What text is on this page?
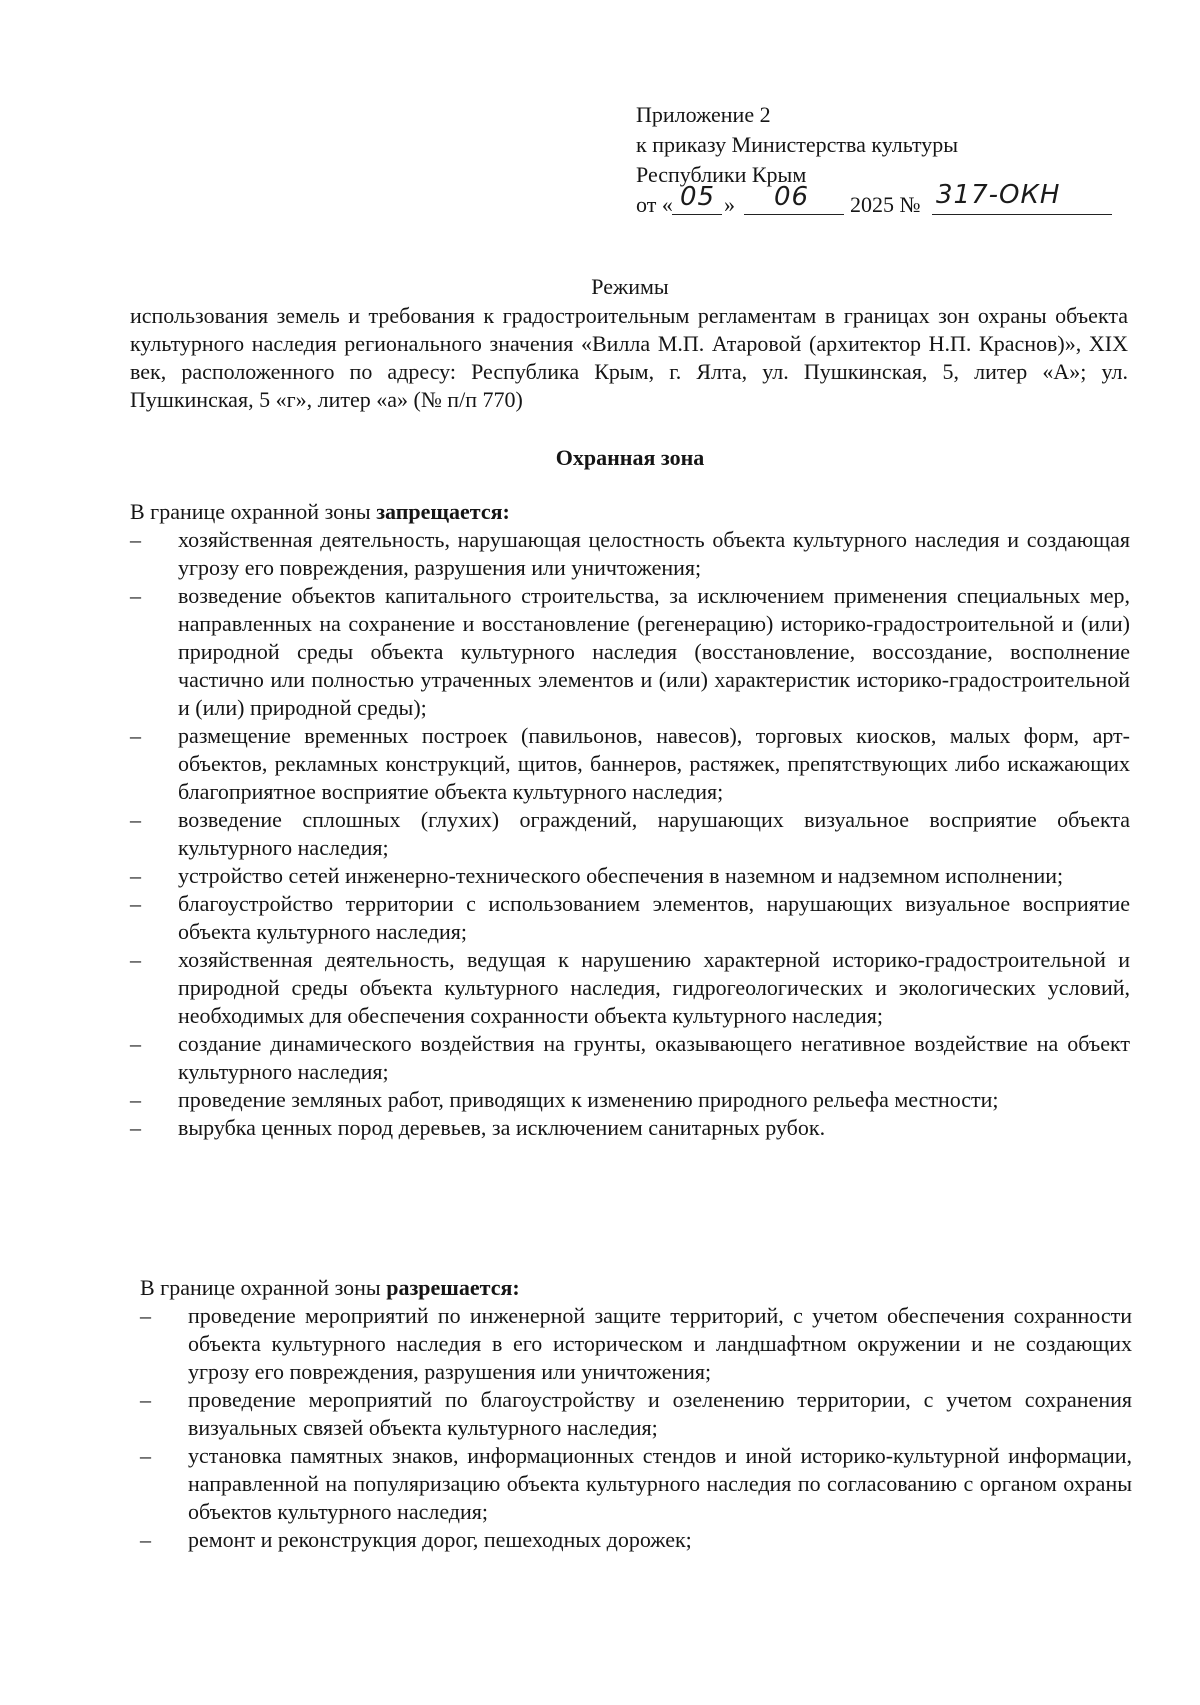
Приложение 2
к приказу Министерства культуры
Республики Крым
от « 05 » 06 2025 № 317-ОКН
Режимы
использования земель и требования к градостроительным регламентам в границах зон охраны объекта культурного наследия регионального значения «Вилла М.П. Атаровой (архитектор Н.П. Краснов)», XIX век, расположенного по адресу: Республика Крым, г. Ялта, ул. Пушкинская, 5, литер «А»; ул. Пушкинская, 5 «г», литер «а» (№ п/п 770)
Охранная зона
В границе охранной зоны запрещается:
–	хозяйственная деятельность, нарушающая целостность объекта культурного наследия и создающая угрозу его повреждения, разрушения или уничтожения;
–	возведение объектов капитального строительства, за исключением применения специальных мер, направленных на сохранение и восстановление (регенерацию) историко-градостроительной и (или) природной среды объекта культурного наследия (восстановление, воссоздание, восполнение частично или полностью утраченных элементов и (или) характеристик историко-градостроительной и (или) природной среды);
–	размещение временных построек (павильонов, навесов), торговых киосков, малых форм, арт-объектов, рекламных конструкций, щитов, баннеров, растяжек, препятствующих либо искажающих благоприятное восприятие объекта культурного наследия;
–	возведение сплошных (глухих) ограждений, нарушающих визуальное восприятие объекта культурного наследия;
–	устройство сетей инженерно-технического обеспечения в наземном и надземном исполнении;
–	благоустройство территории с использованием элементов, нарушающих визуальное восприятие объекта культурного наследия;
–	хозяйственная деятельность, ведущая к нарушению характерной историко-градостроительной и природной среды объекта культурного наследия, гидрогеологических и экологических условий, необходимых для обеспечения сохранности объекта культурного наследия;
–	создание динамического воздействия на грунты, оказывающего негативное воздействие на объект культурного наследия;
–	проведение земляных работ, приводящих к изменению природного рельефа местности;
–	вырубка ценных пород деревьев, за исключением санитарных рубок.
В границе охранной зоны разрешается:
–	проведение мероприятий по инженерной защите территорий, с учетом обеспечения сохранности объекта культурного наследия в его историческом и ландшафтном окружении и не создающих угрозу его повреждения, разрушения или уничтожения;
–	проведение мероприятий по благоустройству и озеленению территории, с учетом сохранения визуальных связей объекта культурного наследия;
–	установка памятных знаков, информационных стендов и иной историко-культурной информации, направленной на популяризацию объекта культурного наследия по согласованию с органом охраны объектов культурного наследия;
–	ремонт и реконструкция дорог, пешеходных дорожек;
